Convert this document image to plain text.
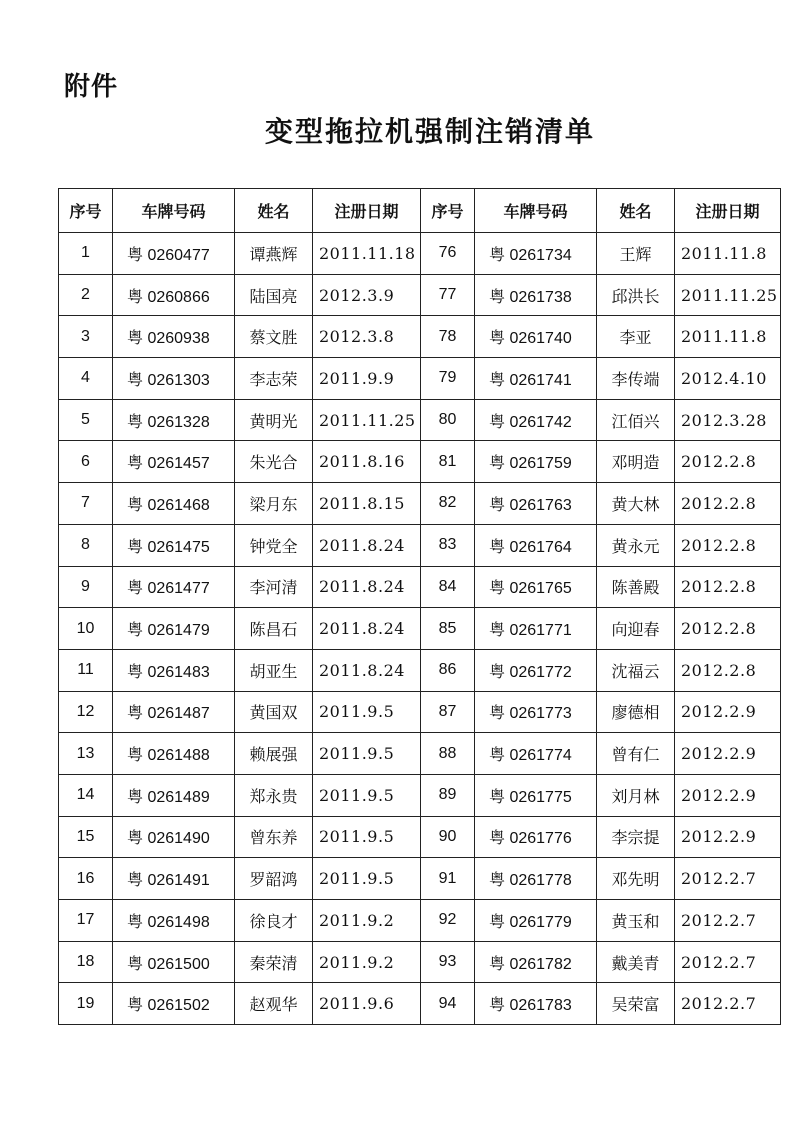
附件
变型拖拉机强制注销清单
序号	车牌号码	姓名	注册日期	序号	车牌号码	姓名	注册日期
1	粤 0260477	谭燕辉	2011.11.18	76	粤 0261734	王辉	2011.11.8
2	粤 0260866	陆国亮	2012.3.9	77	粤 0261738	邱洪长	2011.11.25
3	粤 0260938	蔡文胜	2012.3.8	78	粤 0261740	李亚	2011.11.8
4	粤 0261303	李志荣	2011.9.9	79	粤 0261741	李传端	2012.4.10
5	粤 0261328	黄明光	2011.11.25	80	粤 0261742	江佰兴	2012.3.28
6	粤 0261457	朱光合	2011.8.16	81	粤 0261759	邓明造	2012.2.8
7	粤 0261468	梁月东	2011.8.15	82	粤 0261763	黄大林	2012.2.8
8	粤 0261475	钟党全	2011.8.24	83	粤 0261764	黄永元	2012.2.8
9	粤 0261477	李河清	2011.8.24	84	粤 0261765	陈善殿	2012.2.8
10	粤 0261479	陈昌石	2011.8.24	85	粤 0261771	向迎春	2012.2.8
11	粤 0261483	胡亚生	2011.8.24	86	粤 0261772	沈福云	2012.2.8
12	粤 0261487	黄国双	2011.9.5	87	粤 0261773	廖德相	2012.2.9
13	粤 0261488	赖展强	2011.9.5	88	粤 0261774	曾有仁	2012.2.9
14	粤 0261489	郑永贵	2011.9.5	89	粤 0261775	刘月林	2012.2.9
15	粤 0261490	曾东养	2011.9.5	90	粤 0261776	李宗提	2012.2.9
16	粤 0261491	罗韶鸿	2011.9.5	91	粤 0261778	邓先明	2012.2.7
17	粤 0261498	徐良才	2011.9.2	92	粤 0261779	黄玉和	2012.2.7
18	粤 0261500	秦荣清	2011.9.2	93	粤 0261782	戴美青	2012.2.7
19	粤 0261502	赵观华	2011.9.6	94	粤 0261783	吴荣富	2012.2.7
